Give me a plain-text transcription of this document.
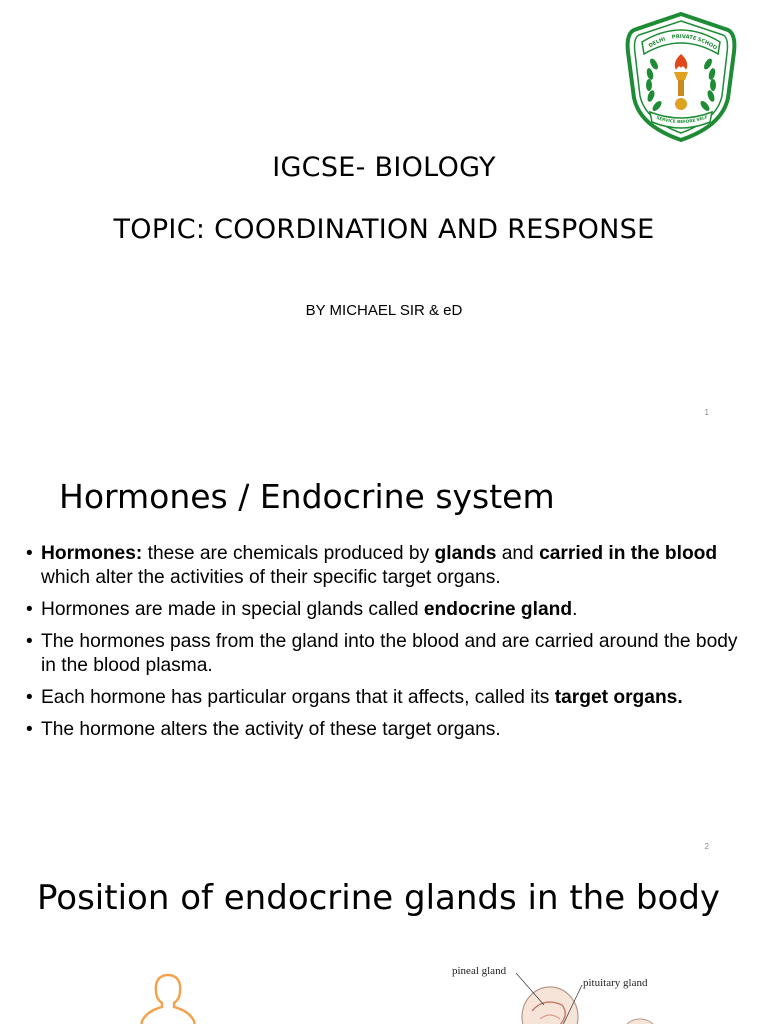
DELHI PRIVATE SCHOO
SERVICE BEFORE SELF
IGCSE- BIOLOGY
TOPIC: COORDINATION AND RESPONSE
BY MICHAEL SIR & eD
1
Hormones / Endocrine system
• Hormones: these are chemicals produced by glands and carried in the blood which alter the activities of their specific target organs.
• Hormones are made in special glands called endocrine gland.
• The hormones pass from the gland into the blood and are carried around the body in the blood plasma.
• Each hormone has particular organs that it affects, called its target organs.
• The hormone alters the activity of these target organs.
2
Position of endocrine glands in the body
pineal gland
pituitary gland
